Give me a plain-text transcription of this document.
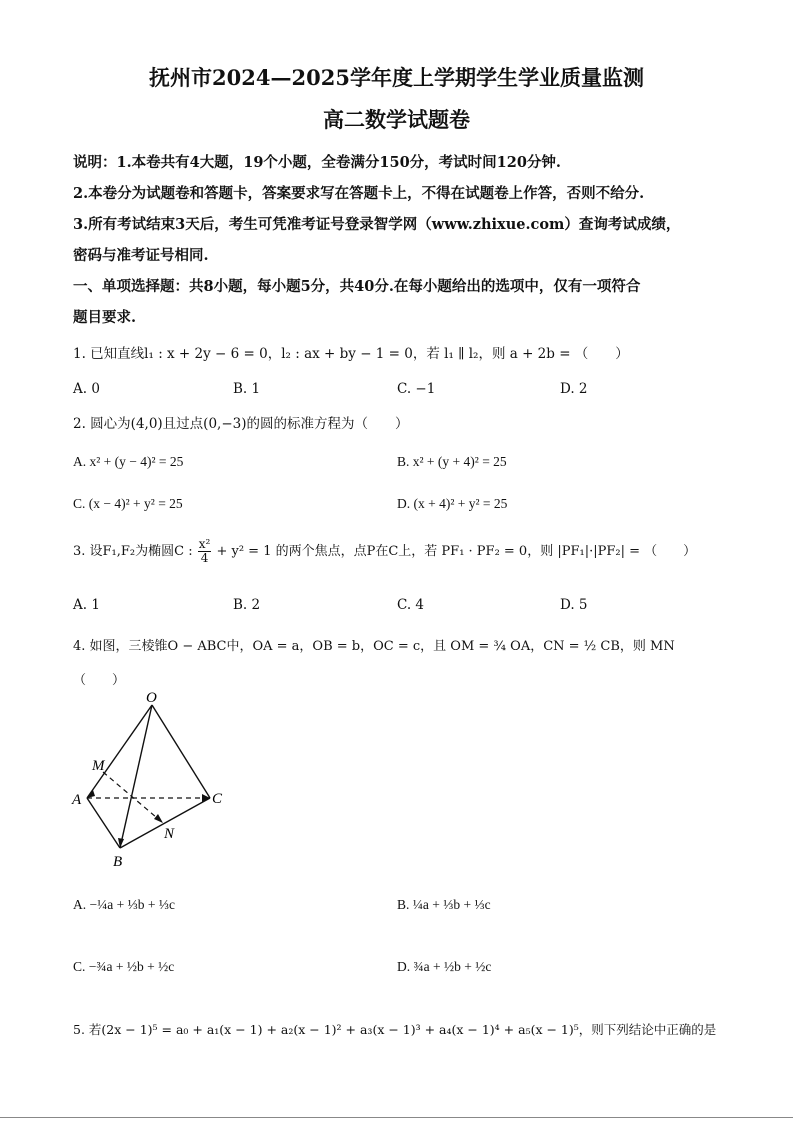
抚州市2024—2025学年度上学期学生学业质量监测
高二数学试题卷
说明：1.本卷共有4大题，19个小题，全卷满分150分，考试时间120分钟.
2.本卷分为试题卷和答题卡，答案要求写在答题卡上，不得在试题卷上作答，否则不给分.
3.所有考试结束3天后，考生可凭准考证号登录智学网（www.zhixue.com）查询考试成绩，
密码与准考证号相同.
一、单项选择题：共8小题，每小题5分，共40分.在每小题给出的选项中，仅有一项符合
题目要求.
1. 已知直线l₁ : x + 2y − 6 = 0，l₂ : ax + by − 1 = 0，若 l₁ ∥ l₂，则 a + 2b = （　　）
A. 0	B. 1	C. −1	D. 2
2. 圆心为(4,0)且过点(0,−3)的圆的标准方程为（　　）
A. x² + (y − 4)² = 25	B. x² + (y + 4)² = 25
C. (x − 4)² + y² = 25	D. (x + 4)² + y² = 25
3. 设F₁,F₂为椭圆C : $\frac{\text{x²}}{4} + y^2 = 1$ 的两个焦点，点P在C上，若 PF₁ · PF₂ = 0，则 |PF₁|·|PF₂| = （　　）
A. 1	B. 2	C. 4	D. 5
4. 如图，三棱锥O − ABC中，OA = a，OB = b，OC = c，且 OM = ¾ OA，CN = ½ CB，则 MN
（　　）
O
M
A	C
N
B
A. −¼a + ⅓b + ⅓c	B. ¼a + ⅓b + ⅓c
C. −¾a + ½b + ½c	D. ¾a + ½b + ½c
5. 若(2x − 1)⁵ = a₀ + a₁(x − 1) + a₂(x − 1)² + a₃(x − 1)³ + a₄(x − 1)⁴ + a₅(x − 1)⁵，则下列结论中正确的是
